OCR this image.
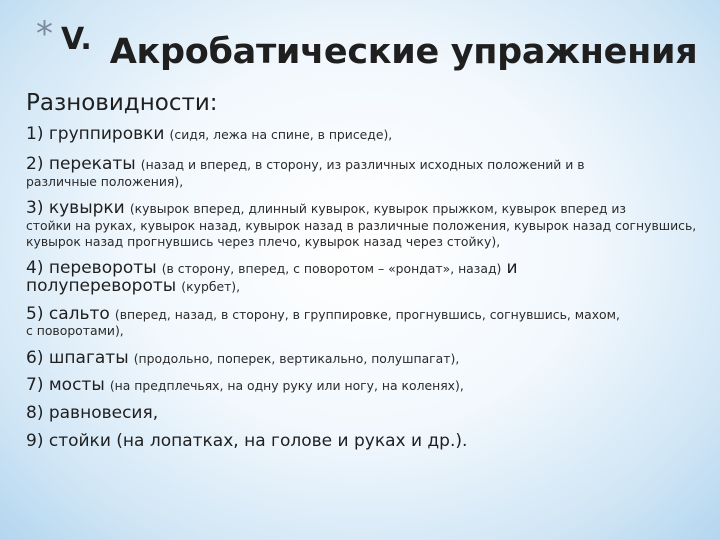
* V. Акробатические упражнения
Разновидности:
1) группировки (сидя, лежа на спине, в приседе),
2) перекаты (назад и вперед, в сторону, из различных исходных положений и в
различные положения),
3) кувырки (кувырок вперед, длинный кувырок, кувырок прыжком, кувырок вперед из
стойки на руках, кувырок назад, кувырок назад в различные положения, кувырок назад согнувшись, кувырок назад прогнувшись через плечо, кувырок назад через стойку),
4) перевороты (в сторону, вперед, с поворотом – «рондат», назад) и
полуперевороты (курбет),
5) сальто (вперед, назад, в сторону, в группировке, прогнувшись, согнувшись, махом,
с поворотами),
6) шпагаты (продольно, поперек, вертикально, полушпагат),
7) мосты (на предплечьях, на одну руку или ногу, на коленях),
8) равновесия,
9) стойки (на лопатках, на голове и руках и др.).
